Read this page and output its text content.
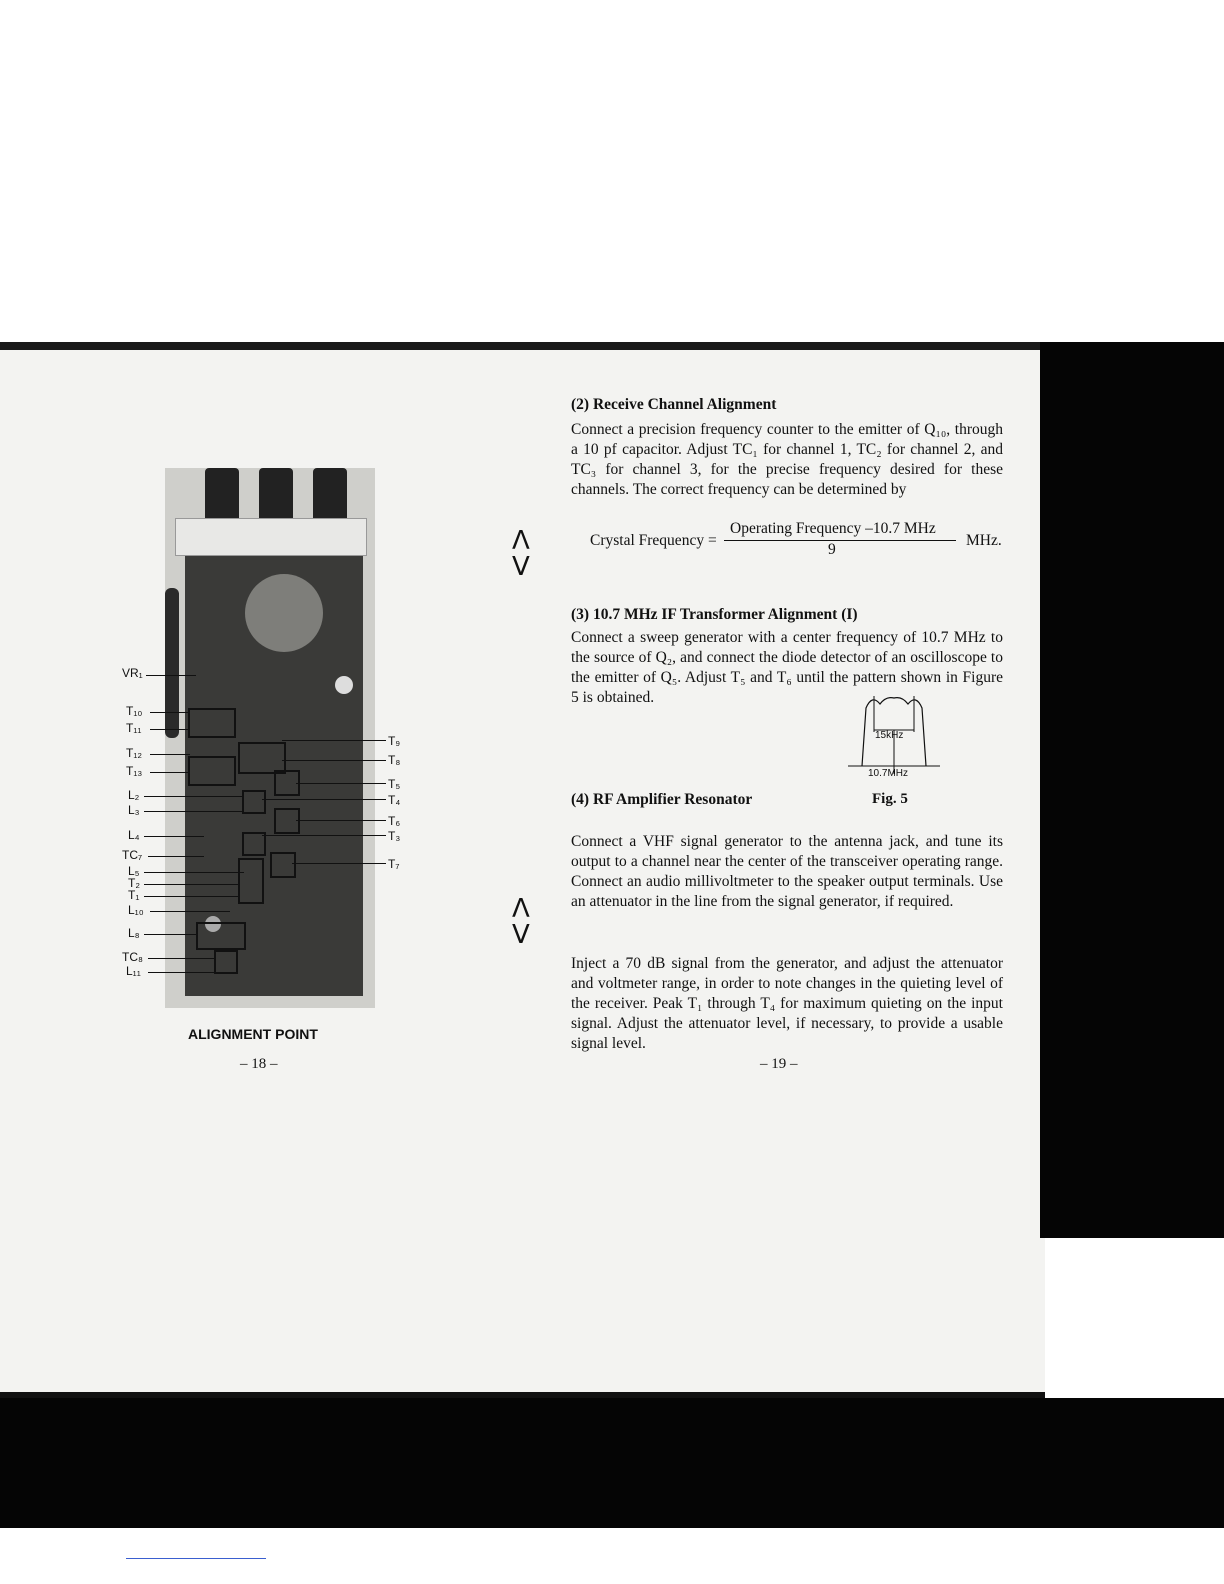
VR₁
T₁₀
T₁₁
T₁₂
T₁₃
L₂
L₃
L₄
TC₇
L₅
T₂
T₁
L₁₀
L₈
TC₈
L₁₁
T₉
T₈
T₅
T₄
T₆
T₃
T₇
ALIGNMENT POINT
– 18 –
Λ
V
Λ
V
(2) Receive Channel Alignment
Connect a precision frequency counter to the emitter of Q₁₀, through a 10 pf capacitor. Adjust TC₁ for channel 1, TC₂ for channel 2, and TC₃ for channel 3, for the precise frequency desired for these channels. The correct frequency can be determined by
Crystal Frequency =
Operating Frequency –10.7 MHz
9
MHz.
(3) 10.7 MHz IF Transformer Alignment (I)
Connect a sweep generator with a center frequency of 10.7 MHz to the source of Q₂, and connect the diode detector of an oscilloscope to the emitter of Q₅. Adjust T₅ and T₆ until the pattern shown in Figure 5 is obtained.
15kHz
10.7MHz
Fig. 5
(4) RF Amplifier Resonator
Connect a VHF signal generator to the antenna jack, and tune its output to a channel near the center of the transceiver operating range. Connect an audio millivoltmeter to the speaker output terminals. Use an attenuator in the line from the signal generator, if required.
Inject a 70 dB signal from the generator, and adjust the attenuator and voltmeter range, in order to note changes in the quieting level of the receiver. Peak T₁ through T₄ for maximum quieting on the input signal. Adjust the attenuator level, if necessary, to provide a usable signal level.
– 19 –
